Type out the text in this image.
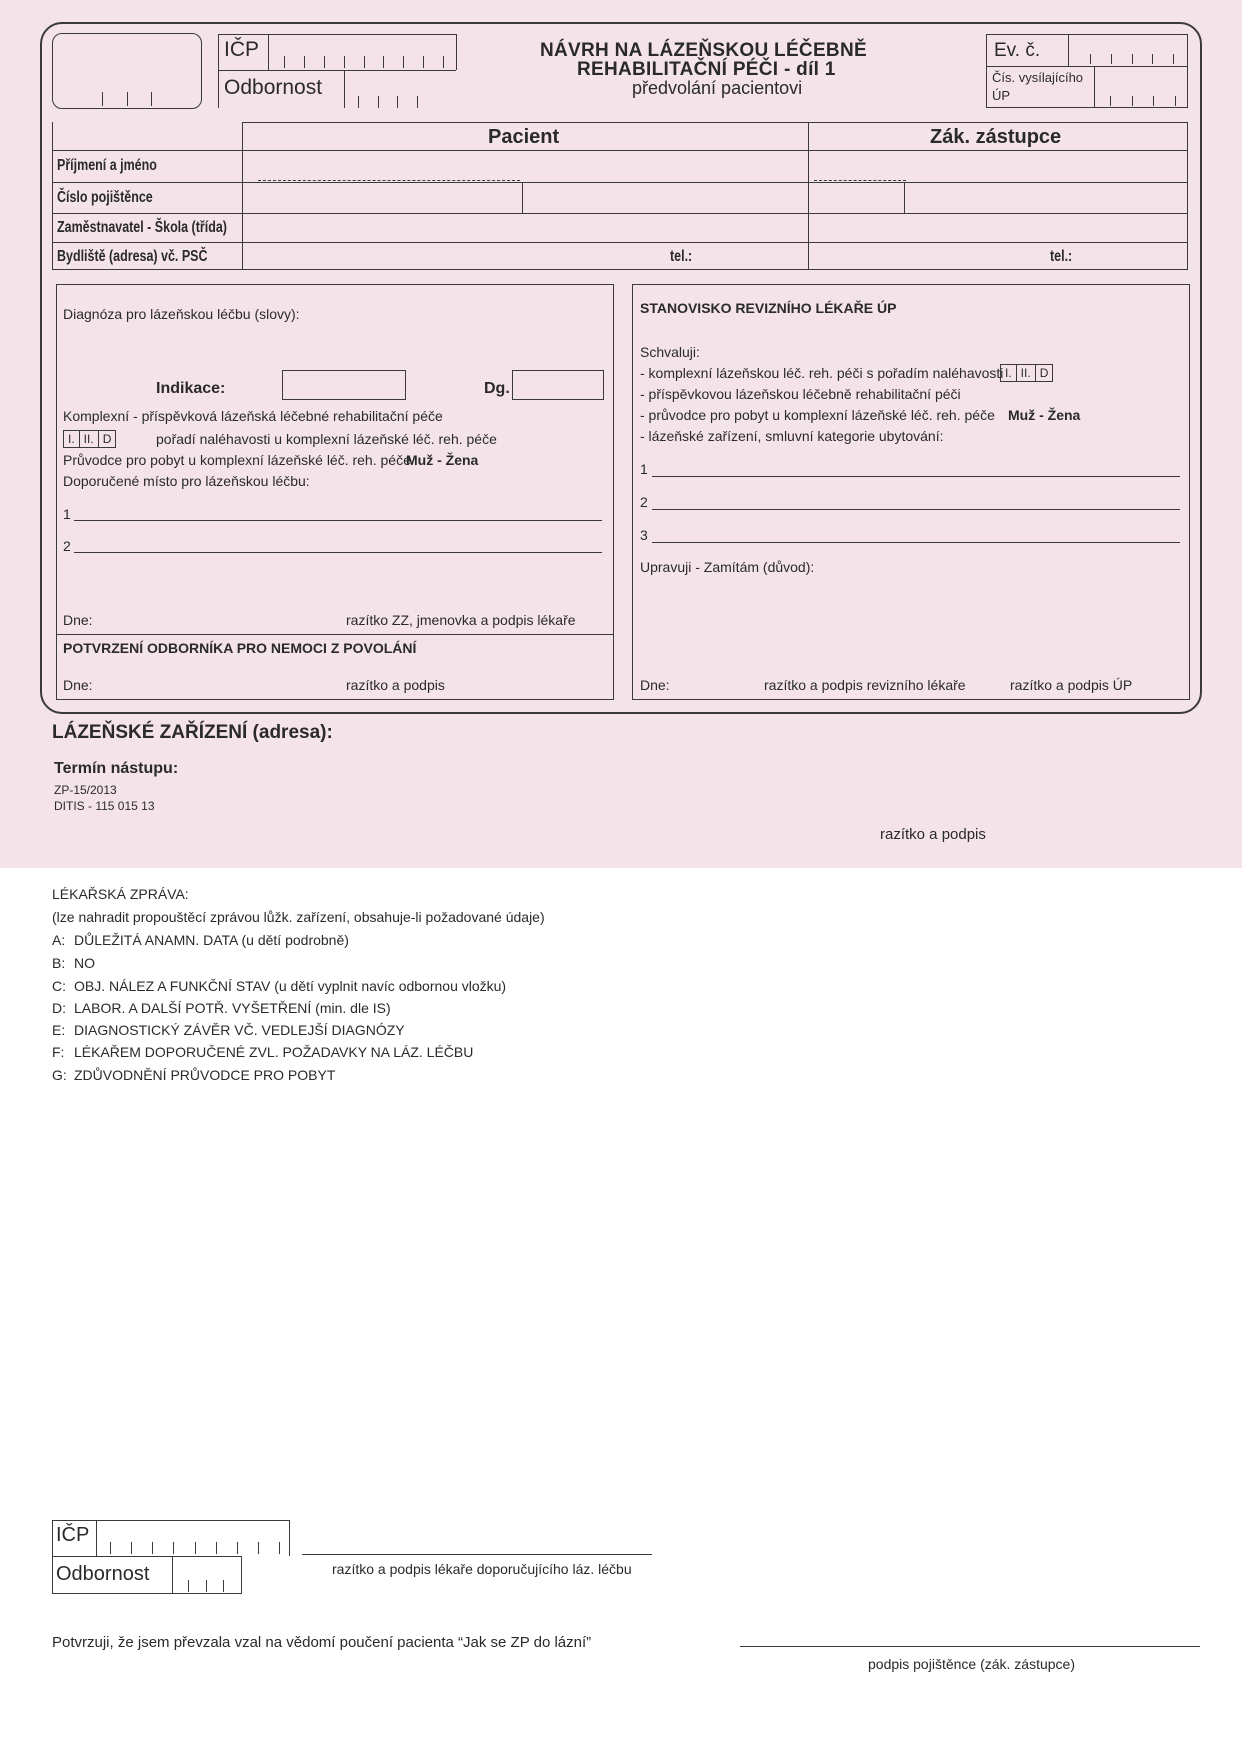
IČP
Odbornost
NÁVRH NA LÁZEŇSKOU LÉČEBNĚ
REHABILITAČNÍ PÉČI - díl 1
předvolání pacientovi
Ev. č.
Čís. vysílajícího
ÚP
Pacient	Zák. zástupce
Příjmení a jméno
Číslo pojištěnce
Zaměstnavatel - Škola (třída)
Bydliště (adresa) vč. PSČ	tel.:	tel.:
Diagnóza pro lázeňskou léčbu (slovy):
Indikace:	Dg.
Komplexní - příspěvková lázeňská léčebné rehabilitační péče
I. II. D	pořadí naléhavosti u komplexní lázeňské léč. reh. péče
Průvodce pro pobyt u komplexní lázeňské léč. reh. péče
Muž - Žena
Doporučené místo pro lázeňskou léčbu:
1
2
Dne:	razítko ZZ, jmenovka a podpis lékaře
POTVRZENÍ ODBORNÍKA PRO NEMOCI Z POVOLÁNÍ
Dne:	razítko a podpis
STANOVISKO REVIZNÍHO LÉKAŘE ÚP
Schvaluji:
- komplexní lázeňskou léč. reh. péči s pořadím naléhavosti I. II. D
- příspěvkovou lázeňskou léčebně rehabilitační péči
- průvodce pro pobyt u komplexní lázeňské léč. reh. péče Muž - Žena
- lázeňské zařízení, smluvní kategorie ubytování:
1
2
3
Upravuji - Zamítám (důvod):
Dne:	razítko a podpis revizního lékaře	razítko a podpis ÚP
LÁZEŇSKÉ ZAŘÍZENÍ (adresa):
Termín nástupu:
ZP-15/2013
DITIS - 115 015 13
razítko a podpis
LÉKAŘSKÁ ZPRÁVA:
(lze nahradit propouštěcí zprávou lůžk. zařízení, obsahuje-li požadované údaje)
A: DŮLEŽITÁ ANAMN. DATA (u dětí podrobně)
B: NO
C: OBJ. NÁLEZ A FUNKČNÍ STAV (u dětí vyplnit navíc odbornou vložku)
D: LABOR. A DALŠÍ POTŘ. VYŠETŘENÍ (min. dle IS)
E: DIAGNOSTICKÝ ZÁVĚR VČ. VEDLEJŠÍ DIAGNÓZY
F: LÉKAŘEM DOPORUČENÉ ZVL. POŽADAVKY NA LÁZ. LÉČBU
G: ZDŮVODNĚNÍ PRŮVODCE PRO POBYT
IČP
Odbornost	razítko a podpis lékaře doporučujícího láz. léčbu
Potvrzuji, že jsem převzala vzal na vědomí poučení pacienta “Jak se ZP do lázní”
podpis pojištěnce (zák. zástupce)
